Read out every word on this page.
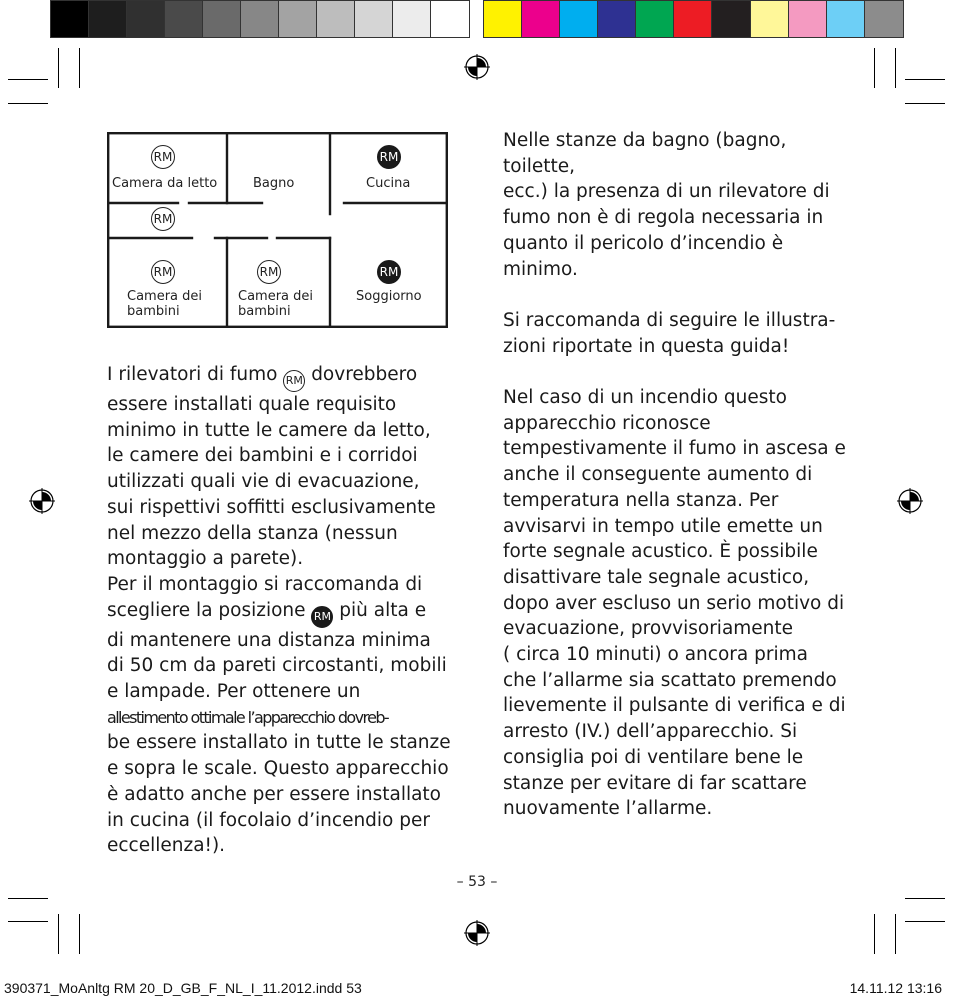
RM
Camera da letto	Bagno
RM
Cucina
RM
RM
Camera dei
bambini
RM
Camera dei
bambini
RM
Soggiorno

I rilevatori di fumo RM dovrebbero
essere installati quale requisito
minimo in tutte le camere da letto,
le camere dei bambini e i corridoi
utilizzati quali vie di evacuazione,
sui rispettivi soffitti esclusivamente
nel mezzo della stanza (nessun
montaggio a parete).

Per il montaggio si raccomanda di
scegliere la posizione RM più alta e
di mantenere una distanza minima
di 50 cm da pareti circostanti, mobili
e lampade. Per ottenere un
allestimento ottimale l’apparecchio dovreb-
be essere installato in tutte le stanze
e sopra le scale. Questo apparecchio
è adatto anche per essere installato
in cucina (il focolaio d’incendio per
eccellenza!).

Nelle stanze da bagno (bagno, toilette,
ecc.) la presenza di un rilevatore di
fumo non è di regola necessaria in
quanto il pericolo d’incendio è
minimo.

Si raccomanda di seguire le illustra-
zioni riportate in questa guida!

Nel caso di un incendio questo
apparecchio riconosce
tempestivamente il fumo in ascesa e
anche il conseguente aumento di
temperatura nella stanza. Per
avvisarvi in tempo utile emette un
forte segnale acustico. È possibile
disattivare tale segnale acustico,
dopo aver escluso un serio motivo di
evacuazione, provvisoriamente
( circa 10 minuti) o ancora prima
che l’allarme sia scattato premendo
lievemente il pulsante di verifica e di
arresto (IV.) dell’apparecchio. Si
consiglia poi di ventilare bene le
stanze per evitare di far scattare
nuovamente l’allarme.

– 53 –
390371_MoAnltg RM 20_D_GB_F_NL_I_11.2012.indd 53	14.11.12 13:16
